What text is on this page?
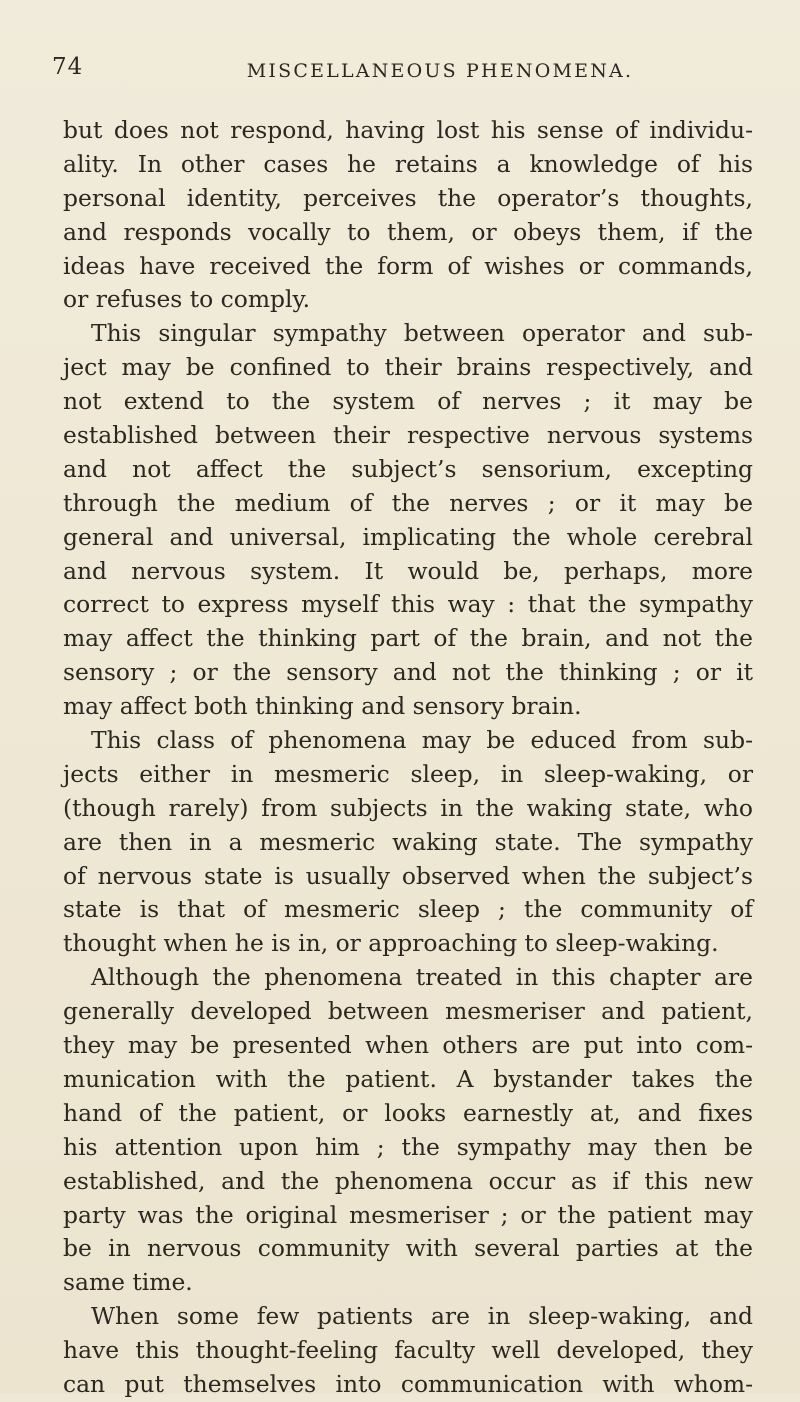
74	MISCELLANEOUS PHENOMENA.
but does not respond, having lost his sense of individu-
ality. In other cases he retains a knowledge of his
personal identity, perceives the operator’s thoughts,
and responds vocally to them, or obeys them, if the
ideas have received the form of wishes or commands,
or refuses to comply.
This singular sympathy between operator and sub-
ject may be confined to their brains respectively, and
not extend to the system of nerves ; it may be
established between their respective nervous systems
and not affect the subject’s sensorium, excepting
through the medium of the nerves ; or it may be
general and universal, implicating the whole cerebral
and nervous system. It would be, perhaps, more
correct to express myself this way : that the sympathy
may affect the thinking part of the brain, and not the
sensory ; or the sensory and not the thinking ; or it
may affect both thinking and sensory brain.
This class of phenomena may be educed from sub-
jects either in mesmeric sleep, in sleep-waking, or
(though rarely) from subjects in the waking state, who
are then in a mesmeric waking state. The sympathy
of nervous state is usually observed when the subject’s
state is that of mesmeric sleep ; the community of
thought when he is in, or approaching to sleep-waking.
Although the phenomena treated in this chapter are
generally developed between mesmeriser and patient,
they may be presented when others are put into com-
munication with the patient. A bystander takes the
hand of the patient, or looks earnestly at, and fixes
his attention upon him ; the sympathy may then be
established, and the phenomena occur as if this new
party was the original mesmeriser ; or the patient may
be in nervous community with several parties at the
same time.
When some few patients are in sleep-waking, and
have this thought-feeling faculty well developed, they
can put themselves into communication with whom-
